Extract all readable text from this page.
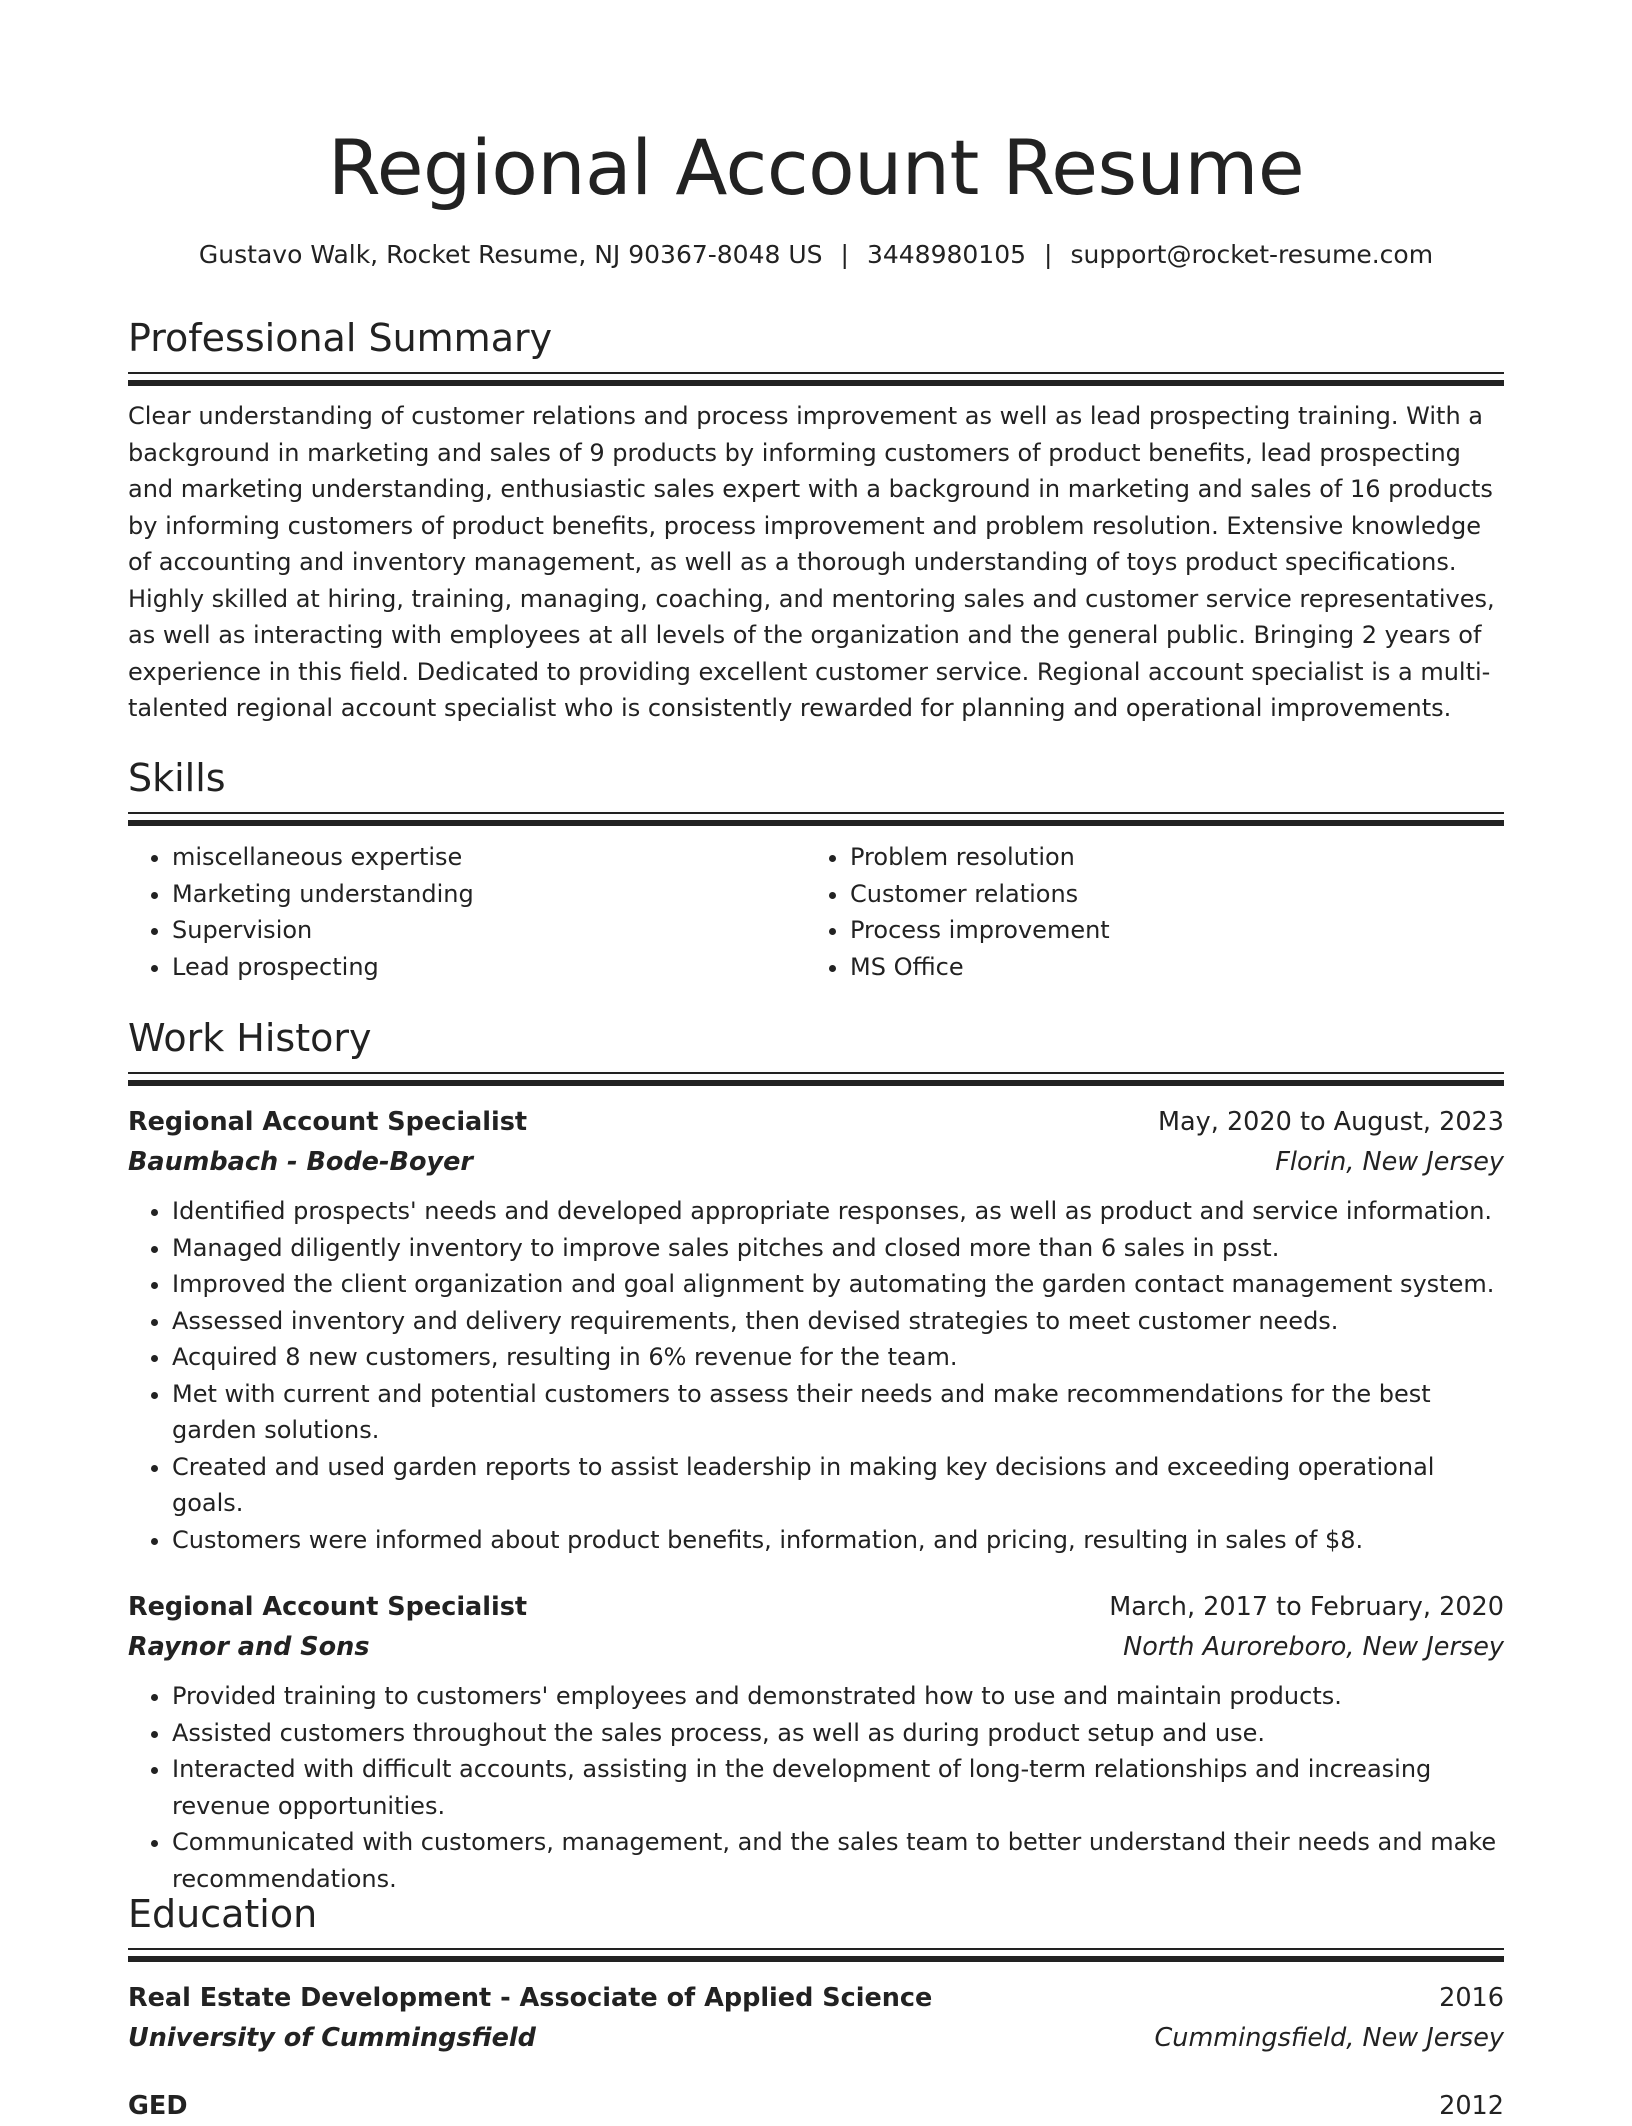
Regional Account Resume
Gustavo Walk, Rocket Resume, NJ 90367-8048 US | 3448980105 | support@rocket-resume.com
Professional Summary

Clear understanding of customer relations and process improvement as well as lead prospecting training. With a background in marketing and sales of 9 products by informing customers of product benefits, lead prospecting and marketing understanding, enthusiastic sales expert with a background in marketing and sales of 16 products by informing customers of product benefits, process improvement and problem resolution. Extensive knowledge of accounting and inventory management, as well as a thorough understanding of toys product specifications. Highly skilled at hiring, training, managing, coaching, and mentoring sales and customer service representatives, as well as interacting with employees at all levels of the organization and the general public. Bringing 2 years of experience in this field. Dedicated to providing excellent customer service. Regional account specialist is a multi-talented regional account specialist who is consistently rewarded for planning and operational improvements.

Skills
• miscellaneous expertise
• Marketing understanding
• Supervision
• Lead prospecting
• Problem resolution
• Customer relations
• Process improvement
• MS Office
Work History
Regional Account Specialist	May, 2020 to August, 2023
Baumbach - Bode-Boyer	Florin, New Jersey
• Identified prospects' needs and developed appropriate responses, as well as product and service information.
• Managed diligently inventory to improve sales pitches and closed more than 6 sales in psst.
• Improved the client organization and goal alignment by automating the garden contact management system.
• Assessed inventory and delivery requirements, then devised strategies to meet customer needs.
• Acquired 8 new customers, resulting in 6% revenue for the team.
• Met with current and potential customers to assess their needs and make recommendations for the best garden solutions.
• Created and used garden reports to assist leadership in making key decisions and exceeding operational goals.
• Customers were informed about product benefits, information, and pricing, resulting in sales of $8.
Regional Account Specialist	March, 2017 to February, 2020
Raynor and Sons	North Auroreboro, New Jersey
• Provided training to customers' employees and demonstrated how to use and maintain products.
• Assisted customers throughout the sales process, as well as during product setup and use.
• Interacted with difficult accounts, assisting in the development of long-term relationships and increasing revenue opportunities.
• Communicated with customers, management, and the sales team to better understand their needs and make recommendations.
Education
Real Estate Development - Associate of Applied Science	2016
University of Cummingsfield	Cummingsfield, New Jersey
GED	2012
